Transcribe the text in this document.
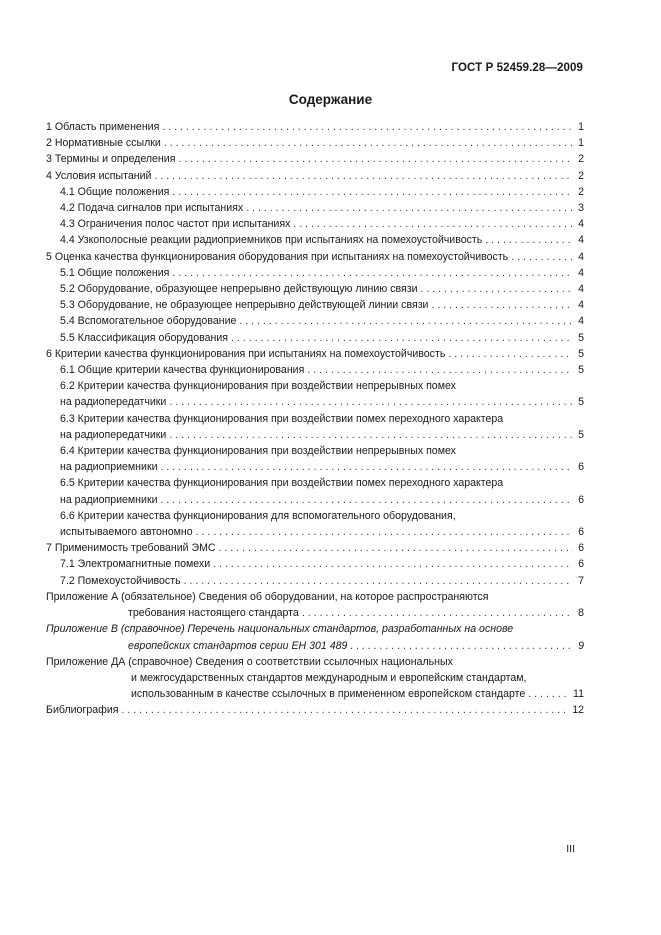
ГОСТ Р 52459.28—2009
Содержание
1 Область применения . . .	1
2 Нормативные ссылки . . .	1
3 Термины и определения . . .	2
4 Условия испытаний . . .	2
4.1 Общие положения . . .	2
4.2 Подача сигналов при испытаниях . . .	3
4.3 Ограничения полос частот при испытаниях . . .	4
4.4 Узкополосные реакции радиоприемников при испытаниях на помехоустойчивость . . .	4
5 Оценка качества функционирования оборудования при испытаниях на помехоустойчивость . . .	4
5.1 Общие положения . . .	4
5.2 Оборудование, образующее непрерывно действующую линию связи . . .	4
5.3 Оборудование, не образующее непрерывно действующей линии связи . . .	4
5.4 Вспомогательное оборудование . . .	4
5.5 Классификация оборудования . . .	5
6 Критерии качества функционирования при испытаниях на помехоустойчивость . . .	5
6.1 Общие критерии качества функционирования . . .	5
6.2 Критерии качества функционирования при воздействии непрерывных помех
на радиопередатчики . . .	5
6.3 Критерии качества функционирования при воздействии помех переходного характера
на радиопередатчики . . .	5
6.4 Критерии качества функционирования при воздействии непрерывных помех
на радиоприемники . . .	6
6.5 Критерии качества функционирования при воздействии помех переходного характера
на радиоприемники . . .	6
6.6 Критерии качества функционирования для вспомогательного оборудования,
испытываемого автономно . . .	6
7 Применимость требований ЭМС . . .	6
7.1 Электромагнитные помехи . . .	6
7.2 Помехоустойчивость . . .	7
Приложение А (обязательное) Сведения об оборудовании, на которое распространяются
требования настоящего стандарта . . .	8
Приложение В (справочное) Перечень национальных стандартов, разработанных на основе
европейских стандартов серии ЕН 301 489 . . .	9
Приложение ДА (справочное) Сведения о соответствии ссылочных национальных
и межгосударственных стандартов международным и европейским стандартам,
использованным в качестве ссылочных в примененном европейском стандарте . . .	11
Библиография . . .	12
III
